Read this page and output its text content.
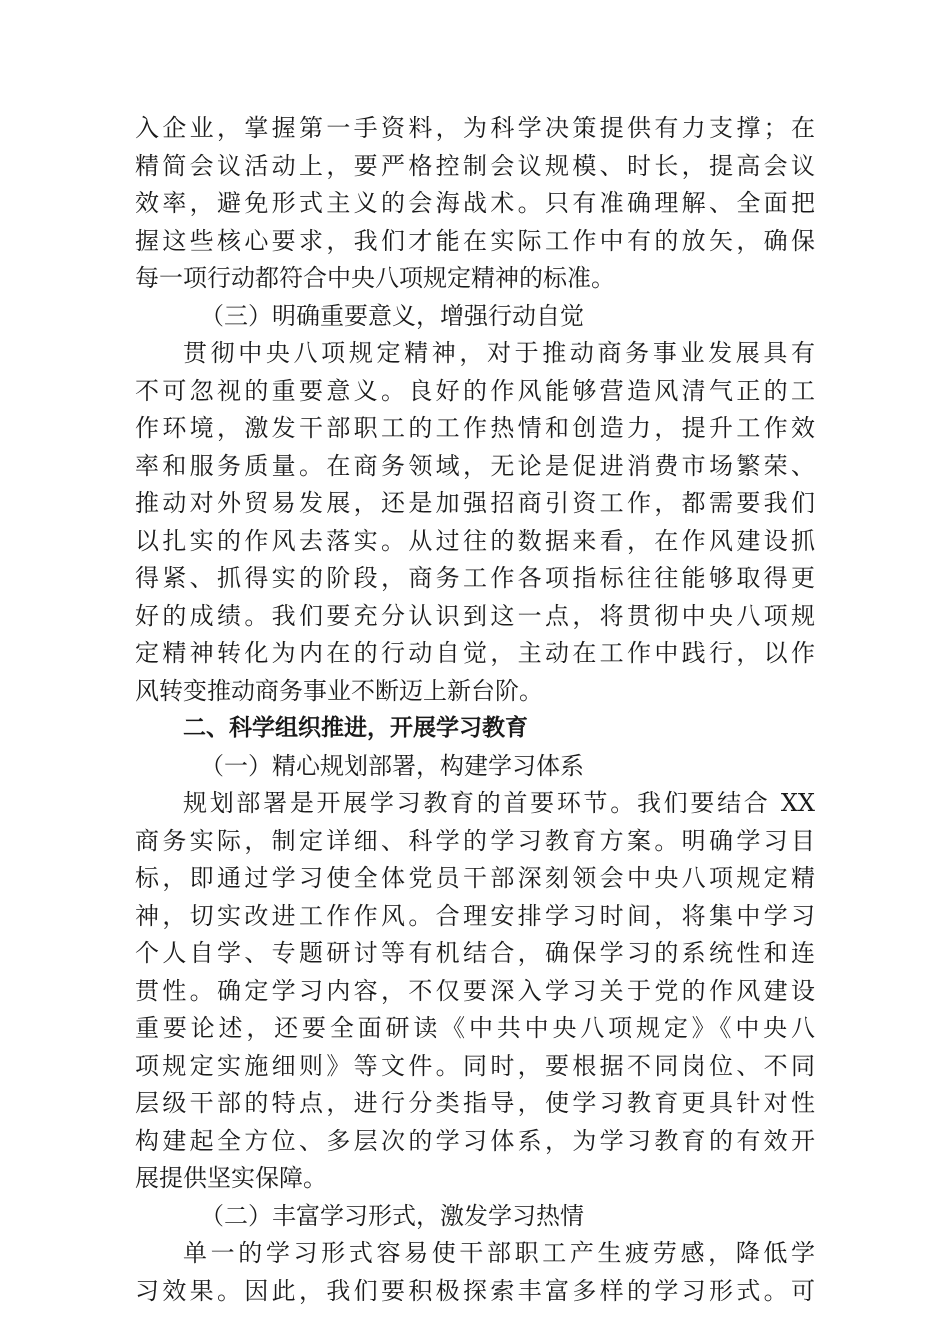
入企业，掌握第一手资料，为科学决策提供有力支撑；在
精简会议活动上，要严格控制会议规模、时长，提高会议
效率，避免形式主义的会海战术。只有准确理解、全面把
握这些核心要求，我们才能在实际工作中有的放矢，确保
每一项行动都符合中央八项规定精神的标准。
（三）明确重要意义，增强行动自觉
贯彻中央八项规定精神，对于推动商务事业发展具有
不可忽视的重要意义。良好的作风能够营造风清气正的工
作环境，激发干部职工的工作热情和创造力，提升工作效
率和服务质量。在商务领域，无论是促进消费市场繁荣、
推动对外贸易发展，还是加强招商引资工作，都需要我们
以扎实的作风去落实。从过往的数据来看，在作风建设抓
得紧、抓得实的阶段，商务工作各项指标往往能够取得更
好的成绩。我们要充分认识到这一点，将贯彻中央八项规
定精神转化为内在的行动自觉，主动在工作中践行，以作
风转变推动商务事业不断迈上新台阶。
二、科学组织推进，开展学习教育
（一）精心规划部署，构建学习体系
规划部署是开展学习教育的首要环节。我们要结合 XX
商务实际，制定详细、科学的学习教育方案。明确学习目
标，即通过学习使全体党员干部深刻领会中央八项规定精
神，切实改进工作作风。合理安排学习时间，将集中学习
个人自学、专题研讨等有机结合，确保学习的系统性和连
贯性。确定学习内容，不仅要深入学习关于党的作风建设
重要论述，还要全面研读《中共中央八项规定》《中央八
项规定实施细则》等文件。同时，要根据不同岗位、不同
层级干部的特点，进行分类指导，使学习教育更具针对性
构建起全方位、多层次的学习体系，为学习教育的有效开
展提供坚实保障。
（二）丰富学习形式，激发学习热情
单一的学习形式容易使干部职工产生疲劳感，降低学
习效果。因此，我们要积极探索丰富多样的学习形式。可
